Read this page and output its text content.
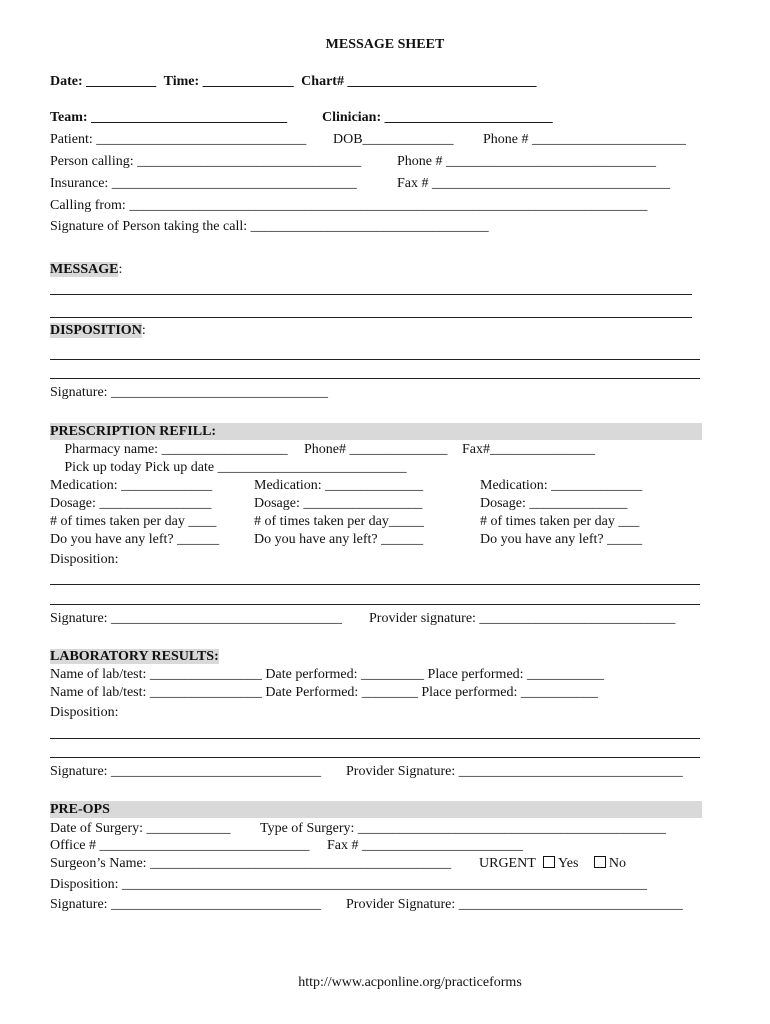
MESSAGE SHEET
Date: __________ Time: _____________ Chart# ___________________________
Team: ____________________________ Clinician: ________________________
Patient: ______________________________ DOB_____________ Phone # ______________________
Person calling: ________________________________	Phone # ______________________________
Insurance: ___________________________________	Fax # __________________________________
Calling from: __________________________________________________________________________
Signature of Person taking the call: __________________________________
MESSAGE:
DISPOSITION:
Signature: _______________________________
PRESCRIPTION REFILL:
Pharmacy name: __________________ Phone# ______________ Fax#_______________
Pick up today Pick up date ___________________________
Medication: _____________
Dosage: ________________
# of times taken per day ____
Do you have any left? ______
Medication: ______________
Dosage: _________________
# of times taken per day_____
Do you have any left? ______
Medication: _____________
Dosage: ______________
# of times taken per day ___
Do you have any left? _____
Disposition:
Signature: _________________________________ Provider signature: ____________________________
LABORATORY RESULTS:
Name of lab/test: ________________ Date performed: _________ Place performed: ___________
Name of lab/test: ________________ Date Performed: ________ Place performed: ___________
Disposition:
Signature: ______________________________ Provider Signature: ________________________________
PRE-OPS
Date of Surgery: ____________ Type of Surgery: ____________________________________________
Office # ______________________________ Fax # _______________________
Surgeon’s Name: ___________________________________________ URGENT Yes No
Disposition: ___________________________________________________________________________
Signature: ______________________________ Provider Signature: ________________________________
http://www.acponline.org/practiceforms
